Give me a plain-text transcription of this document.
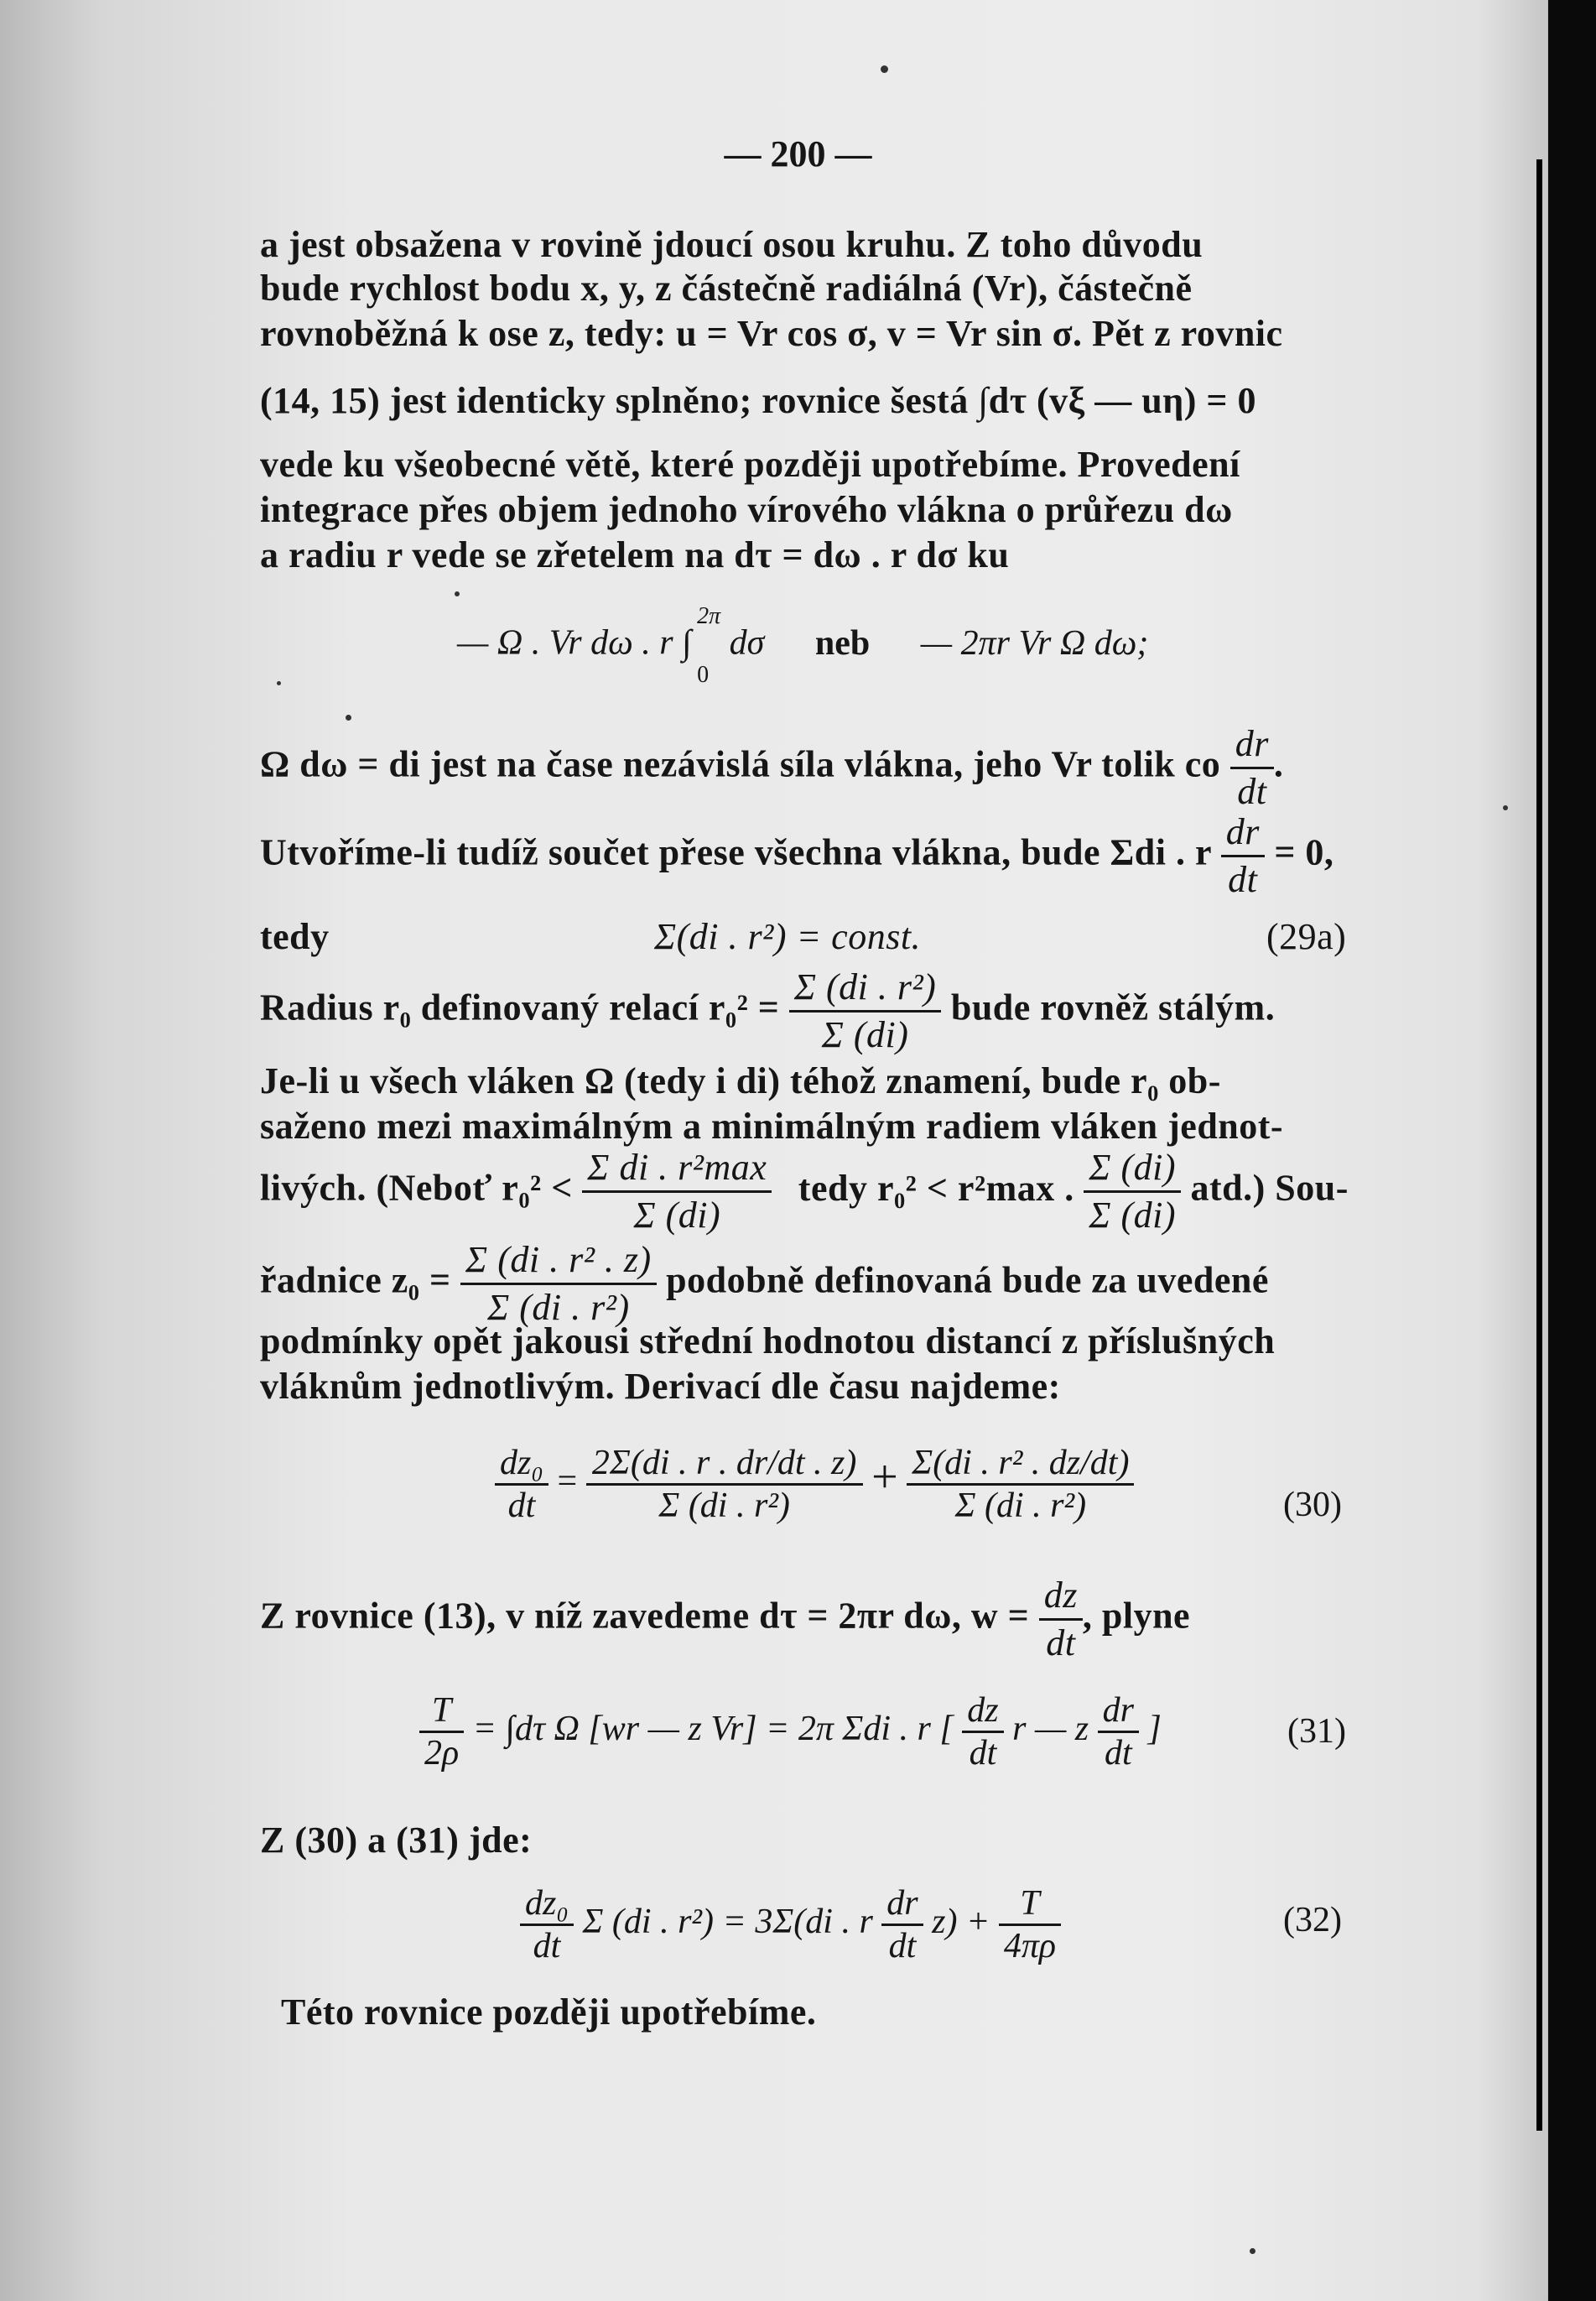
— 200 —
a jest obsažena v rovině jdoucí osou kruhu. Z toho důvodu
bude rychlost bodu x, y, z částečně radiálná (Vr), částečně
rovnoběžná k ose z, tedy: u = Vr cos σ, v = Vr sin σ. Pět z rovnic
(14, 15) jest identicky splněno; rovnice šestá ∫dτ (vξ — uη) = 0
vede ku všeobecné větě, které později upotřebíme. Provedení
integrace přes objem jednoho vírového vlákna o průřezu dω
a radiu r vede se zřetelem na dτ = dω . r dσ ku
— Ω . Vr dω . r ∫
2π
0
dσ neb — 2πr Vr Ω dω;
Ω dω = di jest na čase nezávislá síla vlákna, jeho Vr tolik co $\frac{dr}{dt}$ .
Utvoříme-li tudíž součet přese všechna vlákna, bude Σdi . r $\frac{dr}{dt} = 0$,
tedy	Σ(di . r²) = const.	(29a)
Radius r₀ definovaný relací $r_0^2 = \frac{\text{Σ (di . r²)}}{\Sigma (di)}$ bude rovněž stálým.
Je-li u všech vláken Ω (tedy i di) téhož znamení, bude r₀ ob-
saženo mezi maximálným a minimálným radiem vláken jednot-
livých. (Neboť $r_0^2 < \frac{\text{Σ di . r²max}}{\Sigma (di)}$ tedy r₀² < r²max . $\frac{\Sigma (di)}{\Sigma (di)} atd$.) Sou-
řadnice $z_0 = \frac{\text{Σ (di . r² . z)}}{\text{Σ (di . r²)}}$ podobně definovaná bude za uvedené
podmínky opět jakousi střední hodnotou distancí z příslušných
vláknům jednotlivým. Derivací dle času najdeme:
$\frac{\text{dz₀}}{dt} = \frac{2\Sigma(di . r . dr/dt . z)}{\text{Σ (di . r²)}} + \frac{\text{Σ(di . r² . dz/dt)}}{\text{Σ (di . r²)}}$	(30)
Z rovnice (13), v níž zavedeme dτ = 2πr dω, $w = \frac{dz}{dt}$ , plyne
$\frac{T}{2\rho} = \int d\tau$ Ω [wr — z Vr] = 2π Σdi . r [ $\frac{dz}{dt}$ r — z $\frac{dr}{dt}$ ]	(31)
Z (30) a (31) jde:
$\frac{\text{dz₀}}{dt}$ Σ (di . r²) = 3Σ(di . r $\frac{dr}{dt} z) + \frac{T}{4\pi\rho}$	(32)
Této rovnice později upotřebíme.
